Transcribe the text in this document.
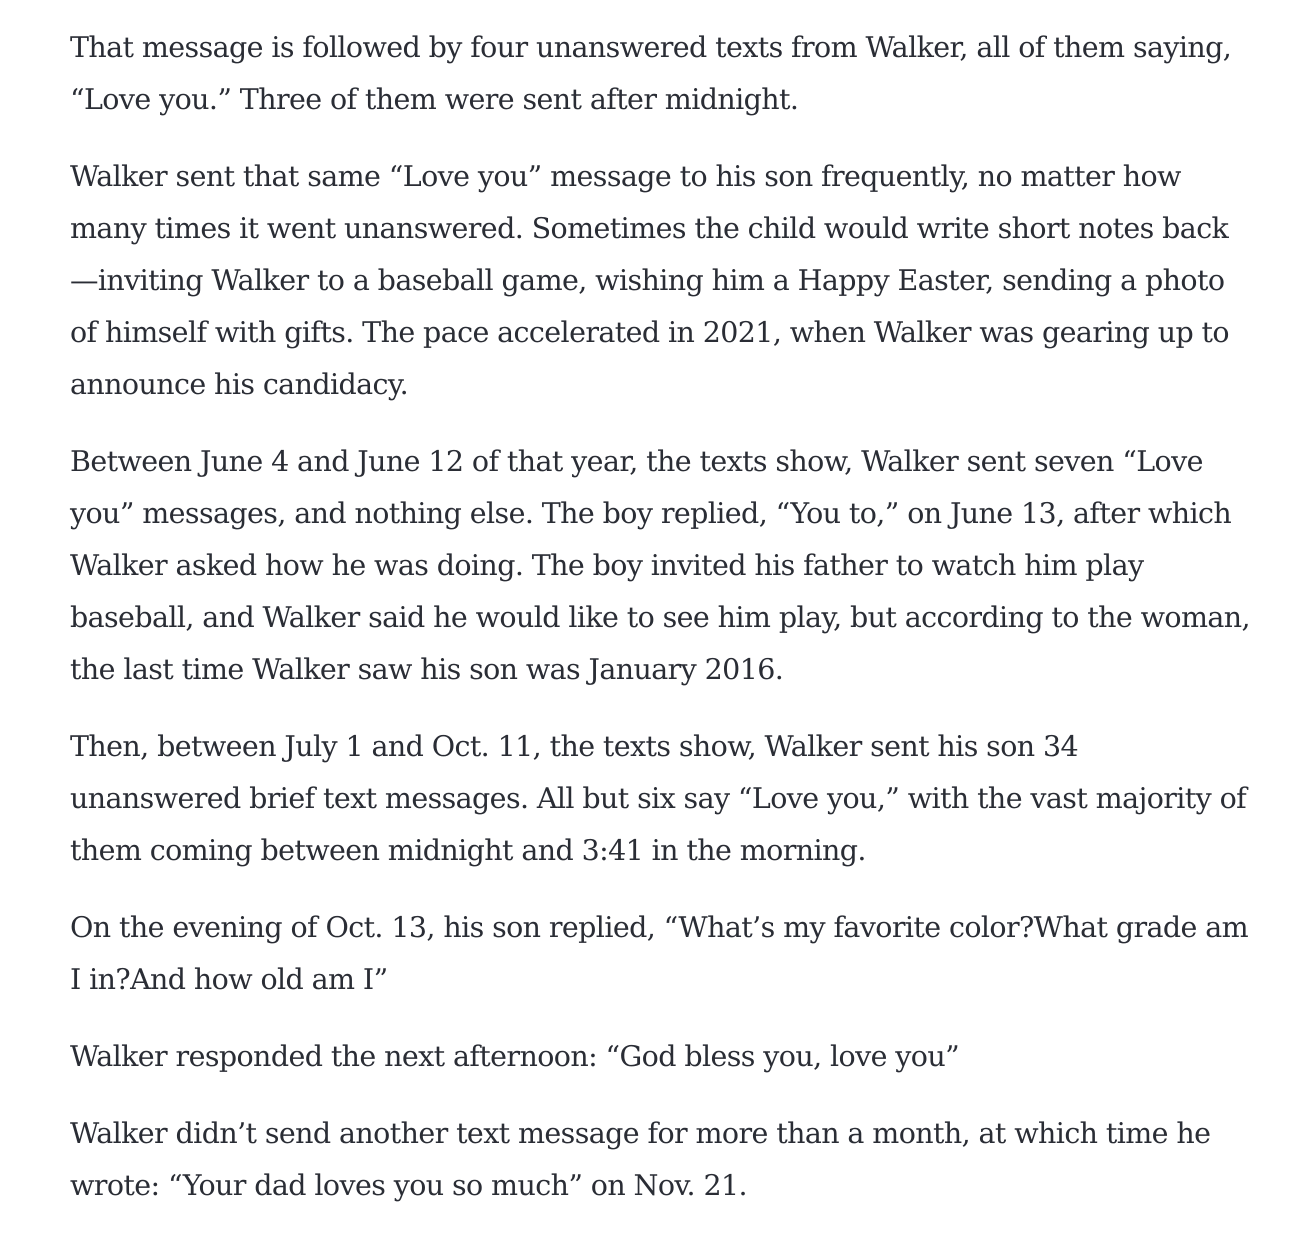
That message is followed by four unanswered texts from Walker, all of them saying, “Love you.” Three of them were sent after midnight.

Walker sent that same “Love you” message to his son frequently, no matter how many times it went unanswered. Sometimes the child would write short notes back —inviting Walker to a baseball game, wishing him a Happy Easter, sending a photo of himself with gifts. The pace accelerated in 2021, when Walker was gearing up to announce his candidacy.

Between June 4 and June 12 of that year, the texts show, Walker sent seven “Love you” messages, and nothing else. The boy replied, “You to,” on June 13, after which Walker asked how he was doing. The boy invited his father to watch him play baseball, and Walker said he would like to see him play, but according to the woman, the last time Walker saw his son was January 2016.

Then, between July 1 and Oct. 11, the texts show, Walker sent his son 34 unanswered brief text messages. All but six say “Love you,” with the vast majority of them coming between midnight and 3:41 in the morning.

On the evening of Oct. 13, his son replied, “What’s my favorite color?What grade am I in?And how old am I”

Walker responded the next afternoon: “God bless you, love you”

Walker didn’t send another text message for more than a month, at which time he wrote: “Your dad loves you so much” on Nov. 21.
